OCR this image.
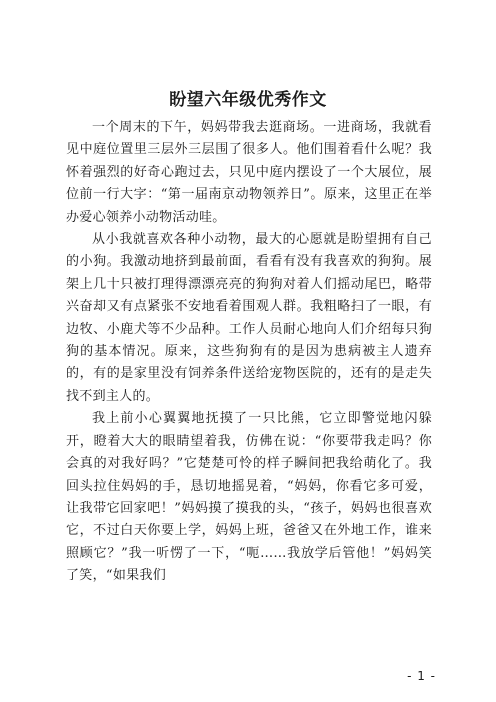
盼望六年级优秀作文

一个周末的下午，妈妈带我去逛商场。一进商场，我就看见中庭位置里三层外三层围了很多人。他们围着看什么呢？我怀着强烈的好奇心跑过去，只见中庭内摆设了一个大展位，展位前一行大字：“第一届南京动物领养日”。原来，这里正在举办爱心领养小动物活动哇。

从小我就喜欢各种小动物，最大的心愿就是盼望拥有自己的小狗。我激动地挤到最前面，看看有没有我喜欢的狗狗。展架上几十只被打理得漂漂亮亮的狗狗对着人们摇动尾巴，略带兴奋却又有点紧张不安地看着围观人群。我粗略扫了一眼，有边牧、小鹿犬等不少品种。工作人员耐心地向人们介绍每只狗狗的基本情况。原来，这些狗狗有的是因为患病被主人遗弃的，有的是家里没有饲养条件送给宠物医院的，还有的是走失找不到主人的。

我上前小心翼翼地抚摸了一只比熊，它立即警觉地闪躲开，瞪着大大的眼睛望着我，仿佛在说：“你要带我走吗？你会真的对我好吗？”它楚楚可怜的样子瞬间把我给萌化了。我回头拉住妈妈的手，恳切地摇晃着，“妈妈，你看它多可爱，让我带它回家吧！”妈妈摸了摸我的头，“孩子，妈妈也很喜欢它，不过白天你要上学，妈妈上班，爸爸又在外地工作，谁来照顾它？”我一听愣了一下，“呃……我放学后管他！”妈妈笑了笑，“如果我们

- 1 -
